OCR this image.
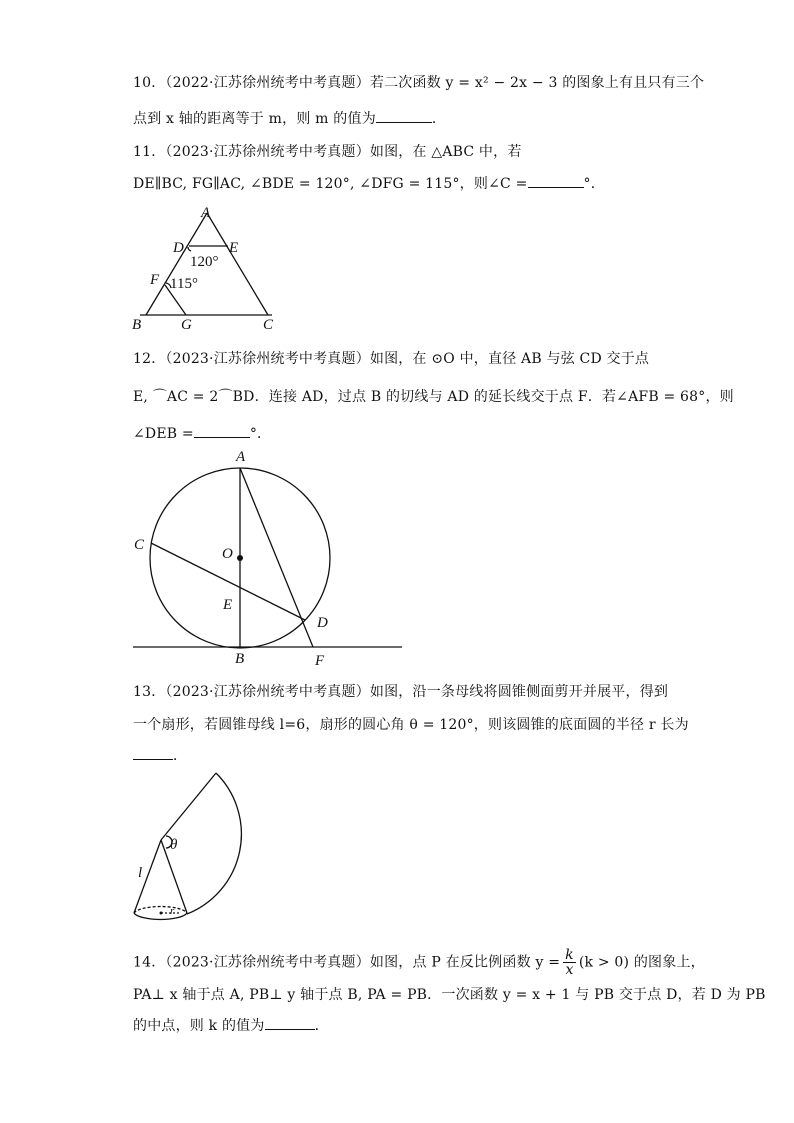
10．（2022·江苏徐州统考中考真题）若二次函数 y = x² − 2x − 3 的图象上有且只有三个
点到 x 轴的距离等于 m，则 m 的值为	．
11．（2023·江苏徐州统考中考真题）如图，在 △ABC 中，若
DE∥BC, FG∥AC, ∠BDE = 120°, ∠DFG = 115°，则∠C =	°．
A
D	E
F
B	G	C
120°
115°
12．（2023·江苏徐州统考中考真题）如图，在 ⊙O 中，直径 AB 与弦 CD 交于点
E, ⌒AC = 2⌒BD．连接 AD，过点 B 的切线与 AD 的延长线交于点 F．若∠AFB = 68°，则
∠DEB =	°．
A
C
O
E
D
B	F
13．（2023·江苏徐州统考中考真题）如图，沿一条母线将圆锥侧面剪开并展平，得到
一个扇形，若圆锥母线 l=6，扇形的圆心角 θ = 120°，则该圆锥的底面圆的半径 r 长为
．
θ
l
r
14．（2023·江苏徐州统考中考真题）如图，点 P 在反比例函数 $y = \frac{k}{x} (k > 0)$ 的图象上，
PA⊥ x 轴于点 A, PB⊥ y 轴于点 B, PA = PB．一次函数 y = x + 1 与 PB 交于点 D，若 D 为 PB
的中点，则 k 的值为	．
